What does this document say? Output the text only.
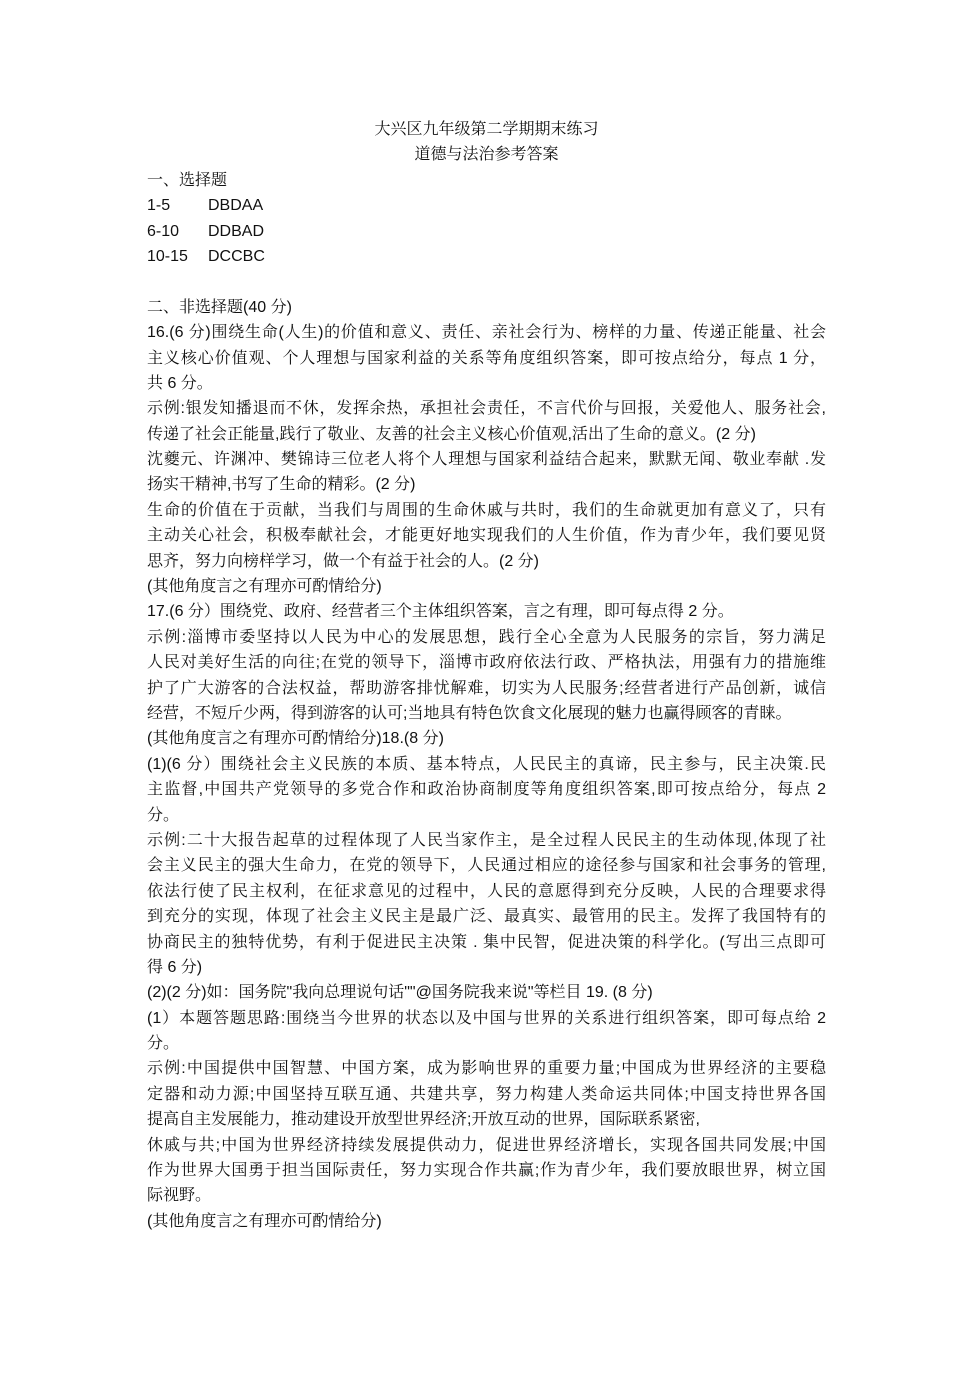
大兴区九年级第二学期期末练习
道德与法治参考答案
一、选择题
1-5	DBDAA
6-10	DDBAD
10-15	DCCBC
二、非选择题(40 分)
16.(6 分)围绕生命(人生)的价值和意义、责任、亲社会行为、榜样的力量、传递正能量、社会
主义核心价值观、个人理想与国家利益的关系等角度组织答案，即可按点给分，每点 1 分，
共 6 分。
示例:银发知播退而不休，发挥余热，承担社会责任，不言代价与回报，关爱他人、服务社会,
传递了社会正能量,践行了敬业、友善的社会主义核心价值观,活出了生命的意义。(2 分)
沈夔元、许渊冲、樊锦诗三位老人将个人理想与国家利益结合起来，默默无闻、敬业奉献 .发
扬实干精神,书写了生命的精彩。(2 分)
生命的价值在于贡献，当我们与周围的生命休戚与共时，我们的生命就更加有意义了，只有
主动关心社会，积极奉献社会，才能更好地实现我们的人生价值，作为青少年，我们要见贤
思齐，努力向榜样学习，做一个有益于社会的人。(2 分)
(其他角度言之有理亦可酌情给分)
17.(6 分）围绕党、政府、经营者三个主体组织答案，言之有理，即可每点得 2 分。
示例:淄博市委坚持以人民为中心的发展思想，践行全心全意为人民服务的宗旨，努力满足
人民对美好生活的向往;在党的领导下，淄博市政府依法行政、严格执法，用强有力的措施维
护了广大游客的合法权益，帮助游客排忧解难，切实为人民服务;经营者进行产品创新，诚信
经营，不短斤少两，得到游客的认可;当地具有特色饮食文化展现的魅力也赢得顾客的青睐。
(其他角度言之有理亦可酌情给分)18.(8 分)
(1)(6 分）围绕社会主义民族的本质、基本特点，人民民主的真谛，民主参与，民主决策.民
主监督,中国共产党领导的多党合作和政治协商制度等角度组织答案,即可按点给分，每点 2
分。
示例:二十大报告起草的过程体现了人民当家作主，是全过程人民民主的生动体现,体现了社
会主义民主的强大生命力，在党的领导下，人民通过相应的途径参与国家和社会事务的管理,
依法行使了民主权利，在征求意见的过程中，人民的意愿得到充分反映，人民的合理要求得
到充分的实现，体现了社会主义民主是最广泛、最真实、最管用的民主。发挥了我国特有的
协商民主的独特优势，有利于促进民主决策 . 集中民智，促进决策的科学化。(写出三点即可
得 6 分)
(2)(2 分)如：国务院"我向总理说句话""@国务院我来说"等栏目 19. (8 分)
(1）本题答题思路:围绕当今世界的状态以及中国与世界的关系进行组织答案，即可每点给 2
分。
示例:中国提供中国智慧、中国方案，成为影响世界的重要力量;中国成为世界经济的主要稳
定器和动力源;中国坚持互联互通、共建共享，努力构建人类命运共同体;中国支持世界各国
提高自主发展能力，推动建设开放型世界经济;开放互动的世界，国际联系紧密,
休戚与共;中国为世界经济持续发展提供动力，促进世界经济增长，实现各国共同发展;中国
作为世界大国勇于担当国际责任，努力实现合作共赢;作为青少年，我们要放眼世界，树立国
际视野。
(其他角度言之有理亦可酌情给分)
